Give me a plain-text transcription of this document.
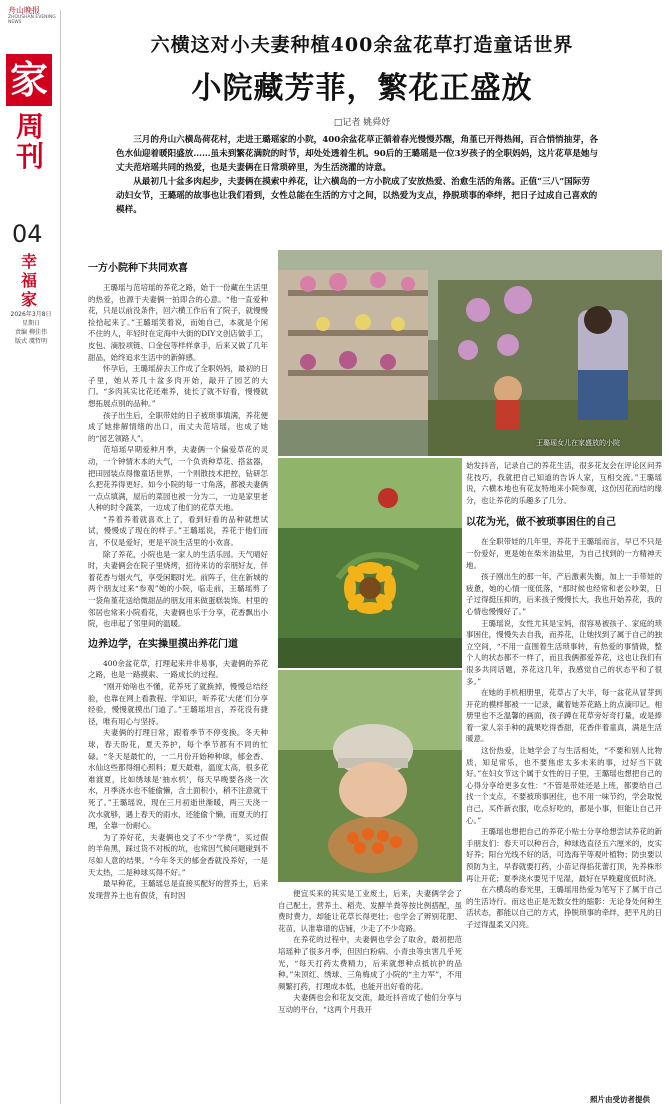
舟山晚报
ZHOUSHAN EVENING NEWS
家
周
刊
04
幸福家
2026年3月8日
星期日
责编 柳佳伟
版式 虞哲明
六横这对小夫妻种植400余盆花草打造童话世界
小院藏芳菲，繁花正盛放
□记者 姚舜妤

三月的舟山六横岛荷花村，走进王璐瑶家的小院，400余盆花草正循着春光慢慢苏醒，角堇已开得热闹，百合悄悄抽芽，各色水仙迎着暖阳盛放……虽未到繁花满院的时节，却处处透着生机。90后的王璐瑶是一位3岁孩子的全职妈妈，这片花草是她与丈夫范培瑶共同的热爱，也是夫妻俩在日常琐碎里，为生活浇灌的诗意。

从最初几十盆多肉起步，夫妻俩在摸索中养花，让六横岛的一方小院成了安放热爱、治愈生活的角落。正值“三八”国际劳动妇女节，王璐瑶的故事也让我们看到，女性总能在生活的方寸之间，以热爱为支点，挣脱琐事的牵绊，把日子过成自己喜欢的模样。

一方小院种下共同欢喜

王璐瑶与范培瑶的养花之路，始于一份藏在生活里的热爱，也源于夫妻俩一拍即合的心意。“他一直爱种花，只是以前没条件，回六横工作后有了院子，就慢慢捡拾起来了。”王璐瑶笑着说，而她自己，本就是个闲不住的人，年轻时在定海中大街的DIY文创店做手工，皮包、滴胶项链、口金包等样样拿手，后来又做了几年甜品，始终追求生活中的新鲜感。

怀孕后，王璐瑶辞去工作成了全职妈妈，最初的日子里，她从养几十盆多肉开始，敲开了园艺的大门。“多肉其实比花还难养，徒长了就不好看，慢慢就想拓展点别的品种。”

孩子出生后，全职带娃的日子被琐事填满，养花便成了她排解情绪的出口，而丈夫范培瑶，也成了她的“园艺领路人”。

范培瑶早期爱种月季，夫妻俩一个偏爱草花的灵动，一个钟情木本的大气，一个负责种草花、搭盆器，把田园装点得像童话世界，一个则散技术把控，钻研怎么把花养得更好。如今小院的每一寸角落，都被夫妻俩一点点填满，屋后的菜园也被一分为二，一边是家里老人种的时令蔬菜，一边成了他们的花草天地。

“养着养着就喜欢上了，看到好看的品种就想试试，慢慢成了现在的样子。”王璐瑶说，养花于他们而言，不仅是爱好，更是平淡生活里的小欢喜。

除了养花，小院也是一家人的生活乐园。天气晴好时，夫妻俩会在院子里烧烤，招待来访的亲朋好友，伴着花香与烟火气，享受闲暇时光。前阵子，住在新城的两个朋友过来“参观”她的小院，临走前，王璐瑶剪了一袋角堇花送给微甜品的朋友用来做蛋糕装饰。村里的邻居也常来小院看花，夫妻俩也乐于分享，花香飘出小院，也串起了邻里间的温暖。

边养边学，在实操里摸出养花门道

400余盆花草，打理起来并非易事，夫妻俩的养花之路，也是一路摸索、一路成长的过程。

“刚开始啥也不懂，花养死了就换掉，慢慢总结经验，也靠在网上看教程、学知识，听养花‘大佬’们分享经验，慢慢就摸出门道了。”王璐瑶坦言，养花没有捷径，唯有用心与坚持。

夫妻俩的打理日常，跟着季节不停变换。冬天种球，春天盼花，夏天养护，每个季节都有不同的忙碌。“冬天是最忙的，一二月份开始种种球，郁金香、水仙这些都得细心照料；夏天最难，温度太高，很多花难渡夏，比如绣球是‘抽水机’，每天早晚要各浇一次水，月季浇水也不能偷懒，含土面积小，稍不注意就干死了。”王璐瑶说，现在三月初逝世渐暖，两三天浇一次水就够，遇上春天的雨水，还能偷个懒，而夏天的打理，全靠一份耐心。

为了养好花，夫妻俩也交了不少“学费”，买过假的羊角黑，踩过货不对板的坑，也常因气候问题碰到不尽如人意的结果。“今年冬天的郁金香就没养好，一是天太热，二是种球买得不好。”

最早种花，王璐瑶总是直接买配好的营养土，后来发现营养土也有假货，有时因

王璐瑶女儿在家盛放的小院

便宜买来的其实是工业废土，后来，夫妻俩学会了自己配土，营养土、稻壳、发酵羊粪等按比例搭配，虽费时费力，却能让花草长得更壮；也学会了辨别花肥、花苗，认准靠谱的店铺，少走了不少弯路。

在养花的过程中，夫妻俩也学会了取舍，最初把范培瑶种了很多月季，但因白粉病、小青虫等虫害几乎死光，“每天打药太费精力，后来就想种点抵抗护的品种。”朱顶红、绣球、三角梅成了小院的“主力军”，不用频繁打药，打理成本低，也能开出好看的花。

夫妻俩也会和花友交流，最近抖音成了他们分享与互动的平台，“这两个月我开

始发抖音，记录自己的养花生活，很多花友会在评论区问养花技巧，我就把自己知道的告诉人家，互相交流。”王璐瑶说，六横本地也有花友特地来小院参观，这份因花而结的缘分，也让养花的乐趣多了几分。

以花为光，做不被琐事困住的自己

在全职带娃的几年里，养花于王璐瑶而言，早已不只是一份爱好，更是她在柴米油盐里，为自己找到的一方精神天地。

孩子刚出生的那一年，产后激素失衡，加上一手带娃的疲惫，她的心情一度低落，“那时候也经常和老公吵架，日子过得挺压抑的，后来孩子慢慢长大，我也开始养花，我的心情也慢慢好了。”

王璐瑶说，女性尤其是宝妈，很容易被孩子、家庭的琐事困住，慢慢失去自我，而养花，让她找到了属于自己的独立空间，“不用一直围着生活琐事转，有热爱的事情做，整个人的状态都不一样了，而且我俩都爱养花，这也让我们有很多共同话题，养花这几年，我感觉自己的状态平和了很多。”

在她的手机相册里，花草占了大半，每一盆花从冒芽到开花的模样都被一一记录，藏着她养花路上的点滴印记。相册里也不乏温馨的画面，孩子蹲在花草旁好奇打量，或是捧着一家人亲手种的蔬果吃得香甜，花香伴着童真，满是生活暖意。

这份热爱，让她学会了与生活相处，“不要和别人比物质，知足常乐，也不要焦虑太多未来的事，过好当下就好。”在妇女节这个属于女性的日子里，王璐瑶也想把自己的心得分享给更多女性：“不管是带娃还是上班，都要给自己找一个支点，不要被琐事困住，也不用一味节约，学会取悦自己，买件新衣服，吃点好吃的，都是小事，但能让自己开心。”

王璐瑶也想把自己的养花小贴士分享给想尝试养花的新手朋友们：春天可以种百合，种球选直径五六厘米的，皮实好养；阳台光线不好的话，可选海芋等观叶植物；防虫要以预防为主，早春就要打药，小苗记得掐花蕾打顶，先养株形再让开花；夏季浇水要见干见湿，最好在早晚避度低时浇。

在六横岛的春光里，王璐瑶用热爱为笔写下了属于自己的生活诗行。而这也正是无数女性的缩影：无论身处何种生活状态，都能以自己的方式，挣脱琐事的牵绊，把平凡的日子过得温柔又闪亮。

照片由受访者提供
